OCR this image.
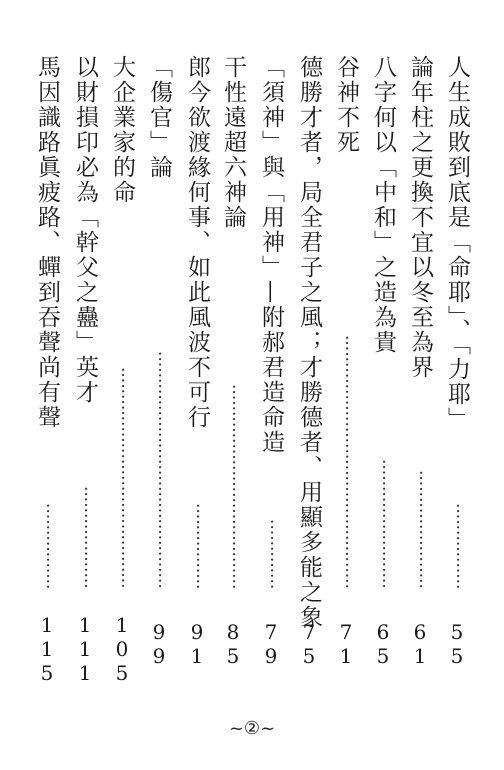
人生成敗到底是「命耶」、「力耶」
················
55
論年柱之更換不宜以冬至為界
······················
61
八字何以「中和」之造為貴
························
65
谷神不死
···············································
71
德勝才者，局全君子之風；才勝德者、用顯多能之象
75
「須神」與「用神」—附郝君造命造
·············
79
干性遠超六神論
······································
85
郎今欲渡緣何事、如此風波不可行
················
91
「傷官」論
············································
99
大企業家的命
·········································
105
以財損印必為「幹父之蠱」英才
···················
111
馬因識路眞疲路、蟬到吞聲尚有聲
················
115
~②~
